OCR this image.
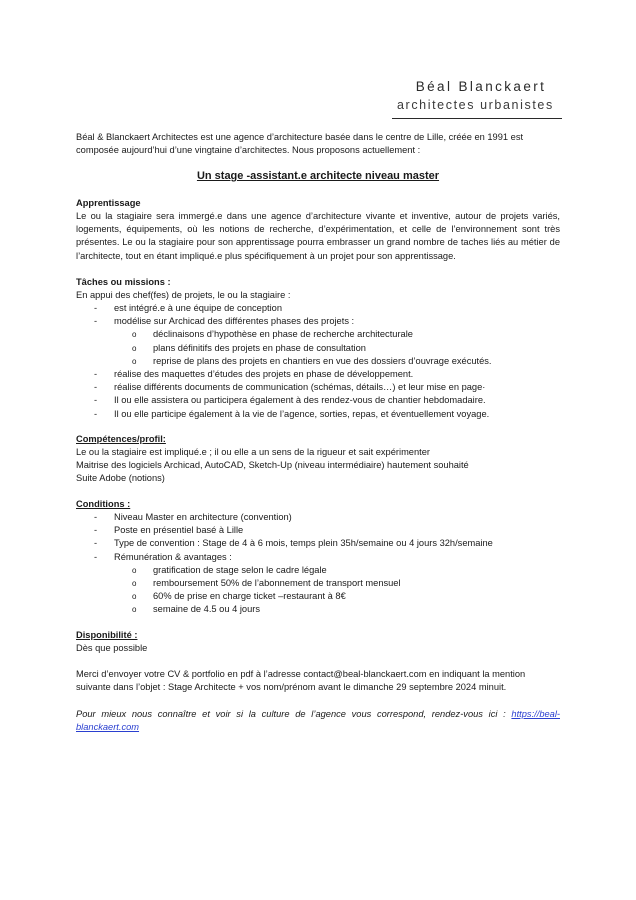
Béal Blanckaert
architectes urbanistes
Béal & Blanckaert Architectes est une agence d’architecture basée dans le centre de Lille, créée en 1991 est composée aujourd’hui d’une vingtaine d’architectes. Nous proposons actuellement :
Un stage -assistant.e architecte niveau master
Apprentissage
Le ou la stagiaire sera immergé.e dans une agence d’architecture vivante et inventive, autour de projets variés, logements, équipements, où les notions de recherche, d’expérimentation, et celle de l’environnement sont très présentes. Le ou la stagiaire pour son apprentissage pourra embrasser un grand nombre de taches liés au métier de l’architecte, tout en étant impliqué.e plus spécifiquement à un projet pour son apprentissage.
Tâches ou missions :
En appui des chef(fes) de projets, le ou la stagiaire :
- est intégré.e à une équipe de conception
- modélise sur Archicad des différentes phases des projets :
o déclinaisons d’hypothèse en phase de recherche architecturale
o plans définitifs des projets en phase de consultation
o reprise de plans des projets en chantiers en vue des dossiers d’ouvrage exécutés.
- réalise des maquettes d’études des projets en phase de développement.
- réalise différents documents de communication (schémas, détails…) et leur mise en page·
- Il ou elle assistera ou participera également à des rendez-vous de chantier hebdomadaire.
- Il ou elle participe également à la vie de l’agence, sorties, repas, et éventuellement voyage.
Compétences/profil:
Le ou la stagiaire est impliqué.e ; il ou elle a un sens de la rigueur et sait expérimenter
Maitrise des logiciels Archicad, AutoCAD, Sketch-Up (niveau intermédiaire) hautement souhaité
Suite Adobe (notions)
Conditions :
- Niveau Master en architecture (convention)
- Poste en présentiel basé à Lille
- Type de convention : Stage de 4 à 6 mois, temps plein 35h/semaine ou 4 jours 32h/semaine
- Rémunération & avantages :
o gratification de stage selon le cadre légale
o remboursement 50% de l’abonnement de transport mensuel
o 60% de prise en charge ticket –restaurant à 8€
o semaine de 4.5 ou 4 jours
Disponibilité :
Dès que possible
Merci d’envoyer votre CV & portfolio en pdf à l’adresse contact@beal-blanckaert.com en indiquant la mention suivante dans l’objet : Stage Architecte + vos nom/prénom avant le dimanche 29 septembre 2024 minuit.
Pour mieux nous connaître et voir si la culture de l’agence vous correspond, rendez-vous ici : https://beal-blanckaert.com
